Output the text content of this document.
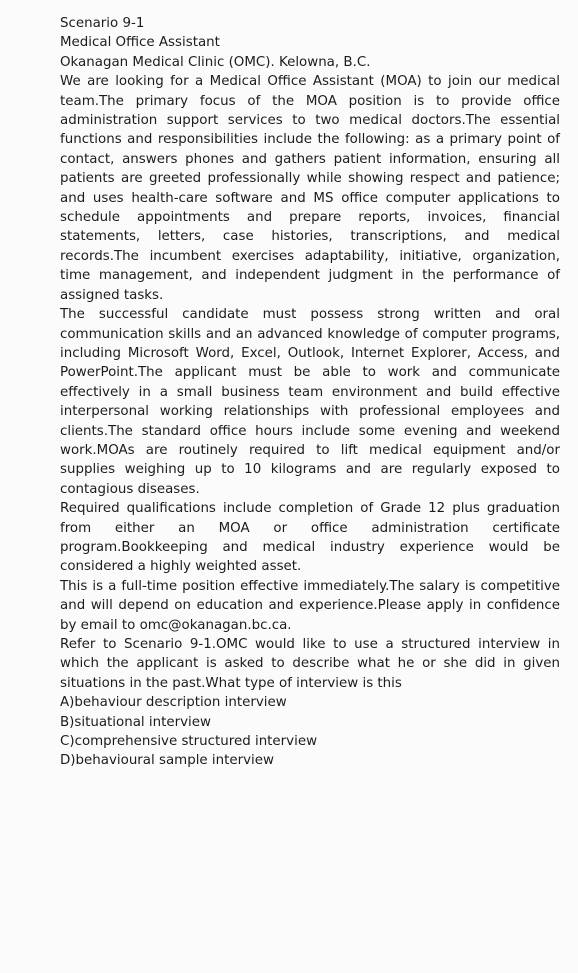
Scenario 9-1
Medical Office Assistant
Okanagan Medical Clinic (OMC). Kelowna, B.C.

We are looking for a Medical Office Assistant (MOA) to join our medical team.The primary focus of the MOA position is to provide office administration support services to two medical doctors.The essential functions and responsibilities include the following: as a primary point of contact, answers phones and gathers patient information, ensuring all patients are greeted professionally while showing respect and patience; and uses health-care software and MS office computer applications to schedule appointments and prepare reports, invoices, financial statements, letters, case histories, transcriptions, and medical records.The incumbent exercises adaptability, initiative, organization, time management, and independent judgment in the performance of assigned tasks.

The successful candidate must possess strong written and oral communication skills and an advanced knowledge of computer programs, including Microsoft Word, Excel, Outlook, Internet Explorer, Access, and PowerPoint.The applicant must be able to work and communicate effectively in a small business team environment and build effective interpersonal working relationships with professional employees and clients.The standard office hours include some evening and weekend work.MOAs are routinely required to lift medical equipment and/or supplies weighing up to 10 kilograms and are regularly exposed to contagious diseases.

Required qualifications include completion of Grade 12 plus graduation from either an MOA or office administration certificate program.Bookkeeping and medical industry experience would be considered a highly weighted asset.

This is a full-time position effective immediately.The salary is competitive and will depend on education and experience.Please apply in confidence by email to omc@okanagan.bc.ca.

Refer to Scenario 9-1.OMC would like to use a structured interview in which the applicant is asked to describe what he or she did in given situations in the past.What type of interview is this

A)behaviour description interview
B)situational interview
C)comprehensive structured interview
D)behavioural sample interview
